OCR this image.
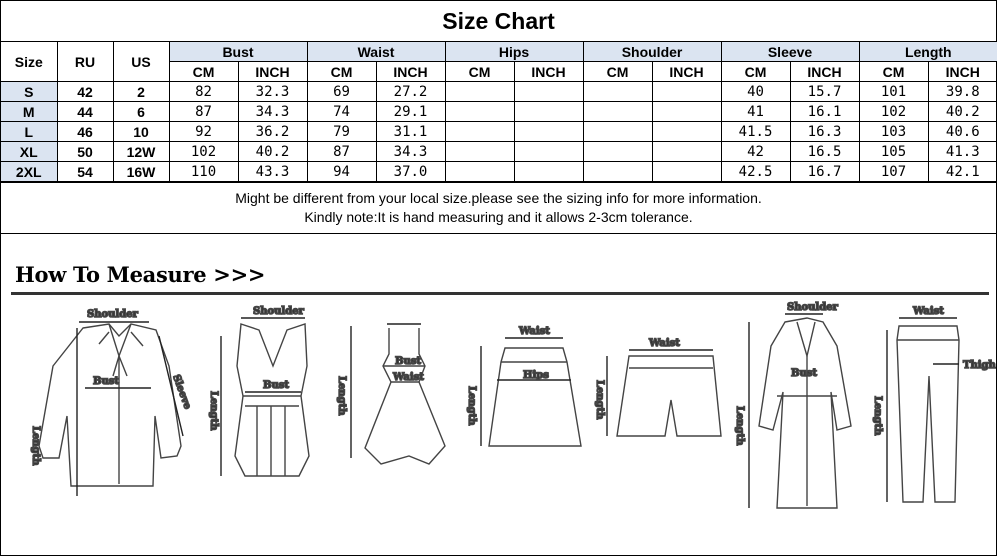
Size Chart
Size	RU	US	Bust		Waist		Hips		Shoulder		Sleeve		Length	
			CM	INCH	CM	INCH	CM	INCH	CM	INCH	CM	INCH	CM	INCH
S	42	2	82	32.3	69	27.2					40	15.7	101	39.8
M	44	6	87	34.3	74	29.1					41	16.1	102	40.2
L	46	10	92	36.2	79	31.1					41.5	16.3	103	40.6
XL	50	12W	102	40.2	87	34.3					42	16.5	105	41.3
2XL	54	16W	110	43.3	94	37.0					42.5	16.7	107	42.1
Might be different from your local size.please see the sizing info for more information.
Kindly note:It is hand measuring and it allows 2-3cm tolerance.
How To Measure >>>
Shoulder
Bust
Length
Sleeve
Shoulder
Bust
Length
Bust
Waist
Length
Waist
Hips
Length
Waist
Length
Shoulder
Bust
Length
Waist
Thigh
Length
